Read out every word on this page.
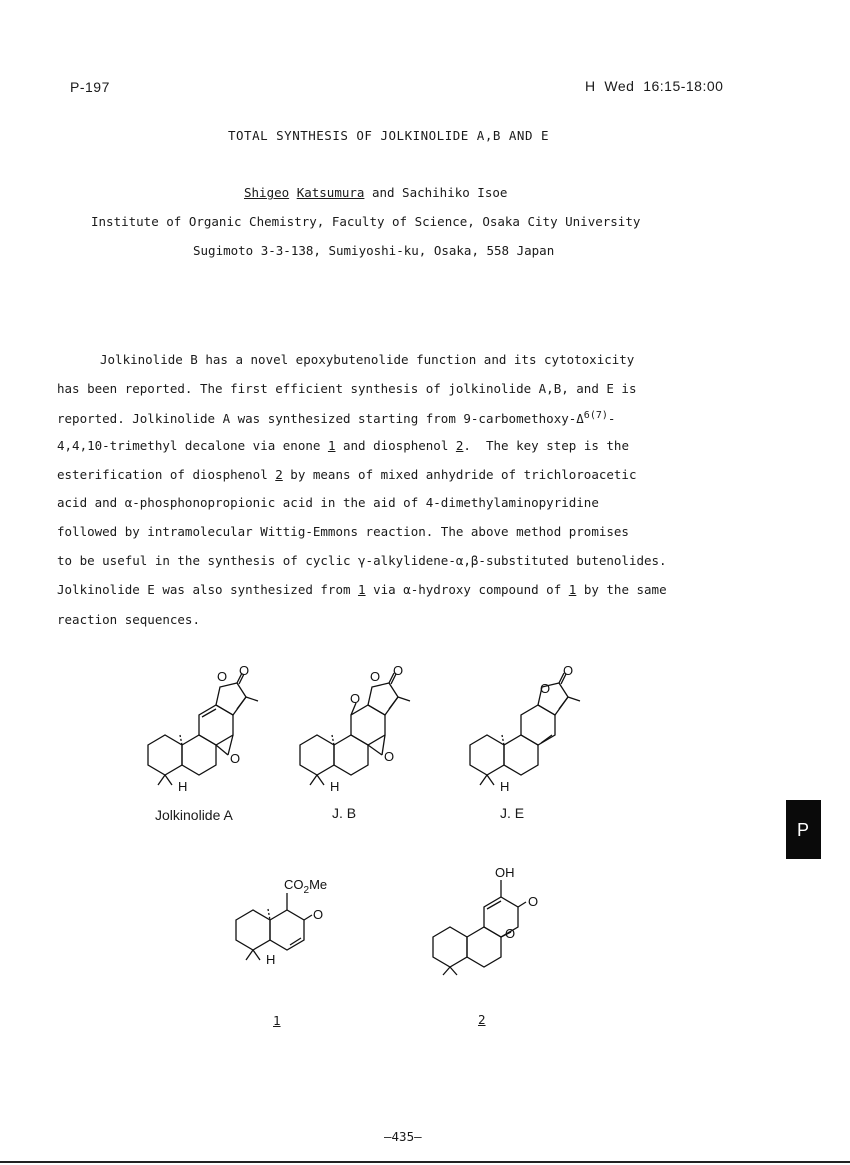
P-197	H  Wed  16:15-18:00
TOTAL SYNTHESIS OF JOLKINOLIDE A,B AND E
Shigeo Katsumura and Sachihiko Isoe
Institute of Organic Chemistry, Faculty of Science, Osaka City University
Sugimoto 3-3-138, Sumiyoshi-ku, Osaka, 558 Japan
Jolkinolide B has a novel epoxybutenolide function and its cytotoxicity
has been reported. The first efficient synthesis of jolkinolide A,B, and E is
reported. Jolkinolide A was synthesized starting from $9-carbomethoxy-\Delta^{6(7)}-$
4,4,10-trimethyl decalone via enone 1 and diosphenol 2.  The key step is the
esterification of diosphenol 2 by means of mixed anhydride of trichloroacetic
acid and α-phosphonopropionic acid in the aid of 4-dimethylaminopyridine
followed by intramolecular Wittig-Emmons reaction. The above method promises
to be useful in the synthesis of cyclic γ-alkylidene-α,β-substituted butenolides.
Jolkinolide E was also synthesized from 1 via α-hydroxy compound of 1 by the same
reaction sequences.
O O
O
H
Jolkinolide A
O
O O
O
H
J. B
O
O
H
J. E
$CO_2Me$
O
H
1
OH
O
O
2
P
—435—
